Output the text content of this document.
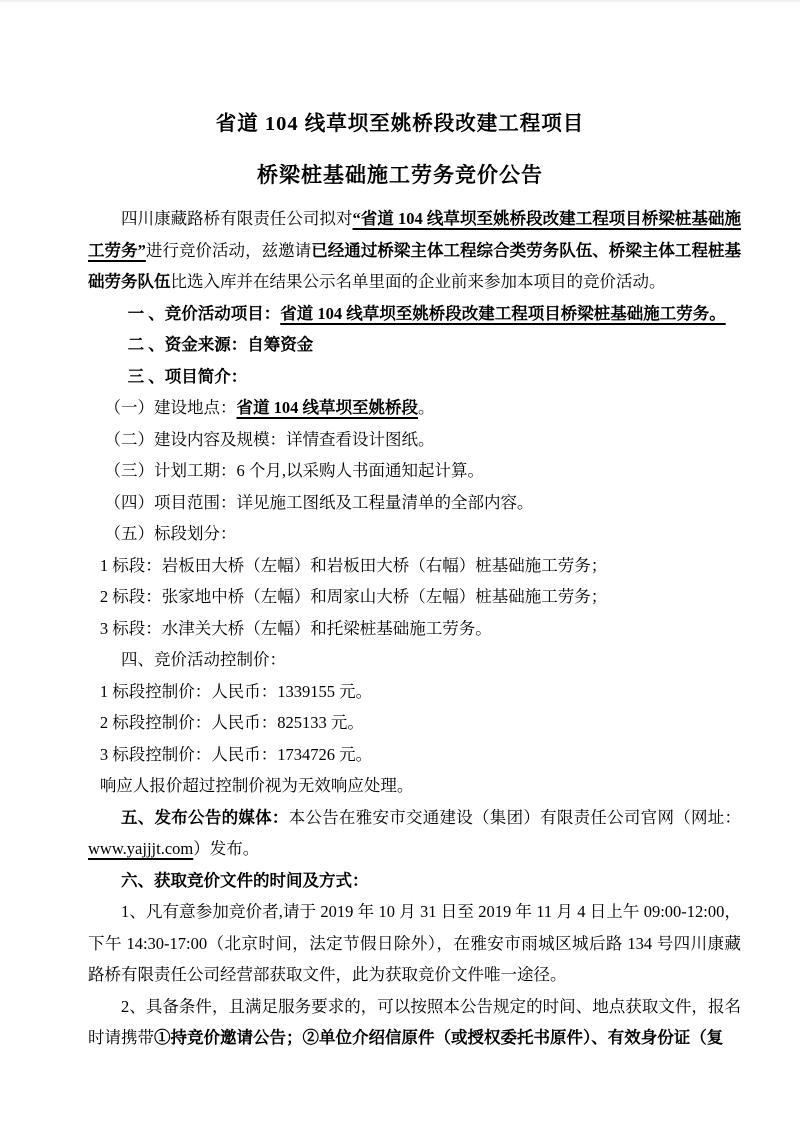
省道 104 线草坝至姚桥段改建工程项目
桥梁桩基础施工劳务竞价公告

四川康藏路桥有限责任公司拟对“省道 104 线草坝至姚桥段改建工程项目桥梁桩基础施工劳务”进行竞价活动，兹邀请已经通过桥梁主体工程综合类劳务队伍、桥梁主体工程桩基础劳务队伍比选入库并在结果公示名单里面的企业前来参加本项目的竞价活动。

一 、竞价活动项目：省道 104 线草坝至姚桥段改建工程项目桥梁桩基础施工劳务。

二 、资金来源：自筹资金

三 、项目简介：

（一）建设地点：省道 104 线草坝至姚桥段。

（二）建设内容及规模：详情查看设计图纸。

（三）计划工期：6 个月,以采购人书面通知起计算。

（四）项目范围：详见施工图纸及工程量清单的全部内容。

（五）标段划分：

1 标段：岩板田大桥（左幅）和岩板田大桥（右幅）桩基础施工劳务；

2 标段：张家地中桥（左幅）和周家山大桥（左幅）桩基础施工劳务；

3 标段：水津关大桥（左幅）和托梁桩基础施工劳务。

四、竞价活动控制价：

1 标段控制价：人民币：1339155 元。

2 标段控制价：人民币：825133 元。

3 标段控制价：人民币：1734726 元。

响应人报价超过控制价视为无效响应处理。

五、发布公告的媒体：本公告在雅安市交通建设（集团）有限责任公司官网（网址：www.yajjjt.com）发布。

六、获取竞价文件的时间及方式：

1、凡有意参加竞价者,请于 2019 年 10 月 31 日至 2019 年 11 月 4 日上午 09:00-12:00，下午 14:30-17:00（北京时间，法定节假日除外），在雅安市雨城区城后路 134 号四川康藏路桥有限责任公司经营部获取文件，此为获取竞价文件唯一途径。

2、具备条件，且满足服务要求的，可以按照本公告规定的时间、地点获取文件，报名时请携带①持竞价邀请公告；②单位介绍信原件（或授权委托书原件）、有效身份证（复
